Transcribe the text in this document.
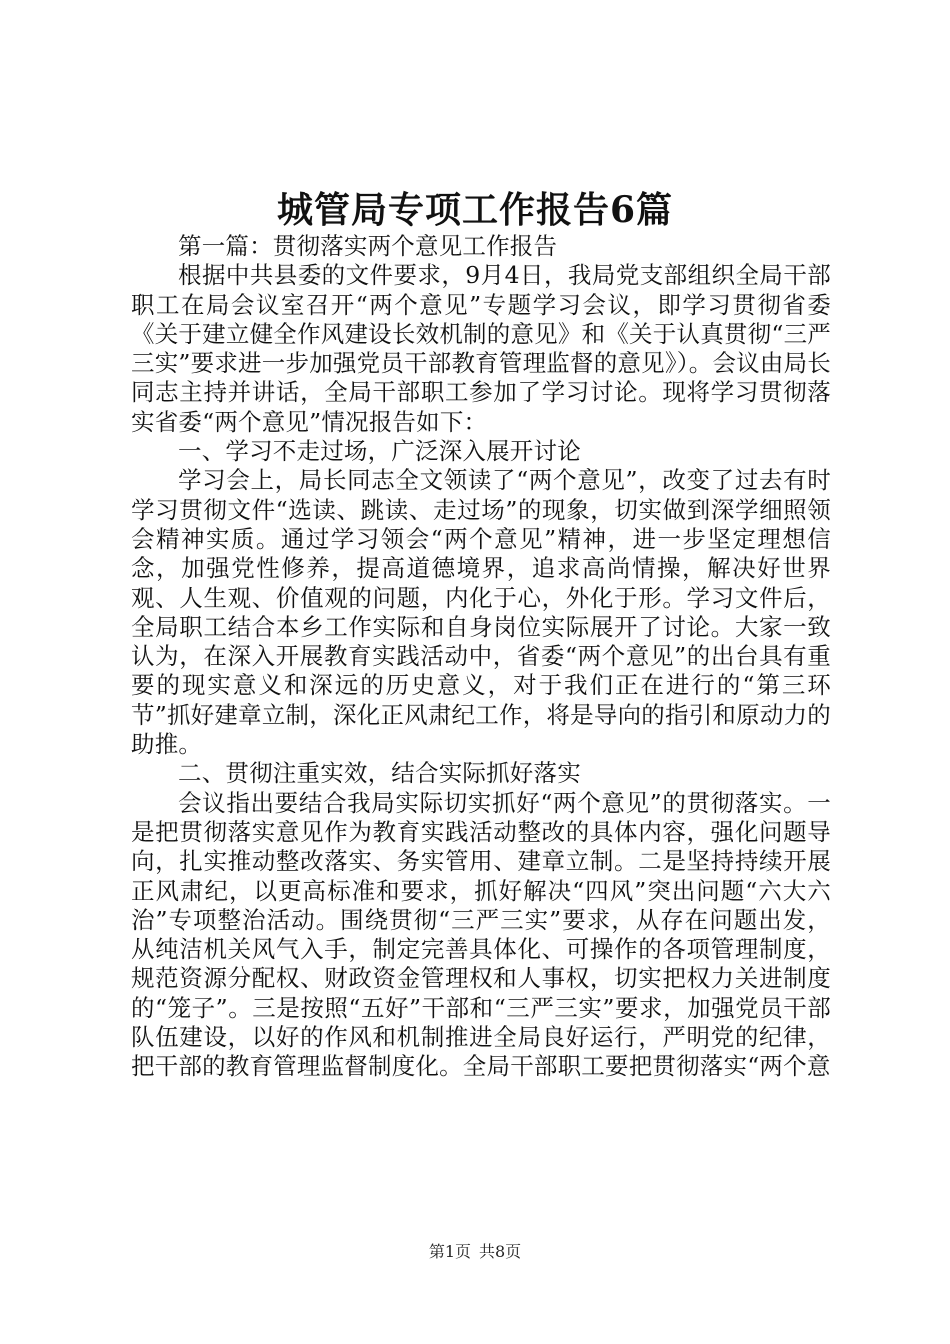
城管局专项工作报告6篇

第一篇：贯彻落实两个意见工作报告

根据中共县委的文件要求，9月4日，我局党支部组织全局干部职工在局会议室召开“两个意见”专题学习会议，即学习贯彻省委《关于建立健全作风建设长效机制的意见》和《关于认真贯彻“三严三实”要求进一步加强党员干部教育管理监督的意见》）。会议由局长同志主持并讲话，全局干部职工参加了学习讨论。现将学习贯彻落实省委“两个意见”情况报告如下：

一、学习不走过场，广泛深入展开讨论

学习会上，局长同志全文领读了“两个意见”，改变了过去有时学习贯彻文件“选读、跳读、走过场”的现象，切实做到深学细照领会精神实质。通过学习领会“两个意见”精神，进一步坚定理想信念，加强党性修养，提高道德境界，追求高尚情操，解决好世界观、人生观、价值观的问题，内化于心，外化于形。学习文件后，全局职工结合本乡工作实际和自身岗位实际展开了讨论。大家一致认为，在深入开展教育实践活动中，省委“两个意见”的出台具有重要的现实意义和深远的历史意义，对于我们正在进行的“第三环节”抓好建章立制，深化正风肃纪工作，将是导向的指引和原动力的助推。

二、贯彻注重实效，结合实际抓好落实

会议指出要结合我局实际切实抓好“两个意见”的贯彻落实。一是把贯彻落实意见作为教育实践活动整改的具体内容，强化问题导向，扎实推动整改落实、务实管用、建章立制。二是坚持持续开展正风肃纪，以更高标准和要求，抓好解决“四风”突出问题“六大六治”专项整治活动。围绕贯彻“三严三实”要求，从存在问题出发，从纯洁机关风气入手，制定完善具体化、可操作的各项管理制度，规范资源分配权、财政资金管理权和人事权，切实把权力关进制度的“笼子”。三是按照“五好”干部和“三严三实”要求，加强党员干部队伍建设，以好的作风和机制推进全局良好运行，严明党的纪律，把干部的教育管理监督制度化。全局干部职工要把贯彻落实“两个意

第1页 共8页
